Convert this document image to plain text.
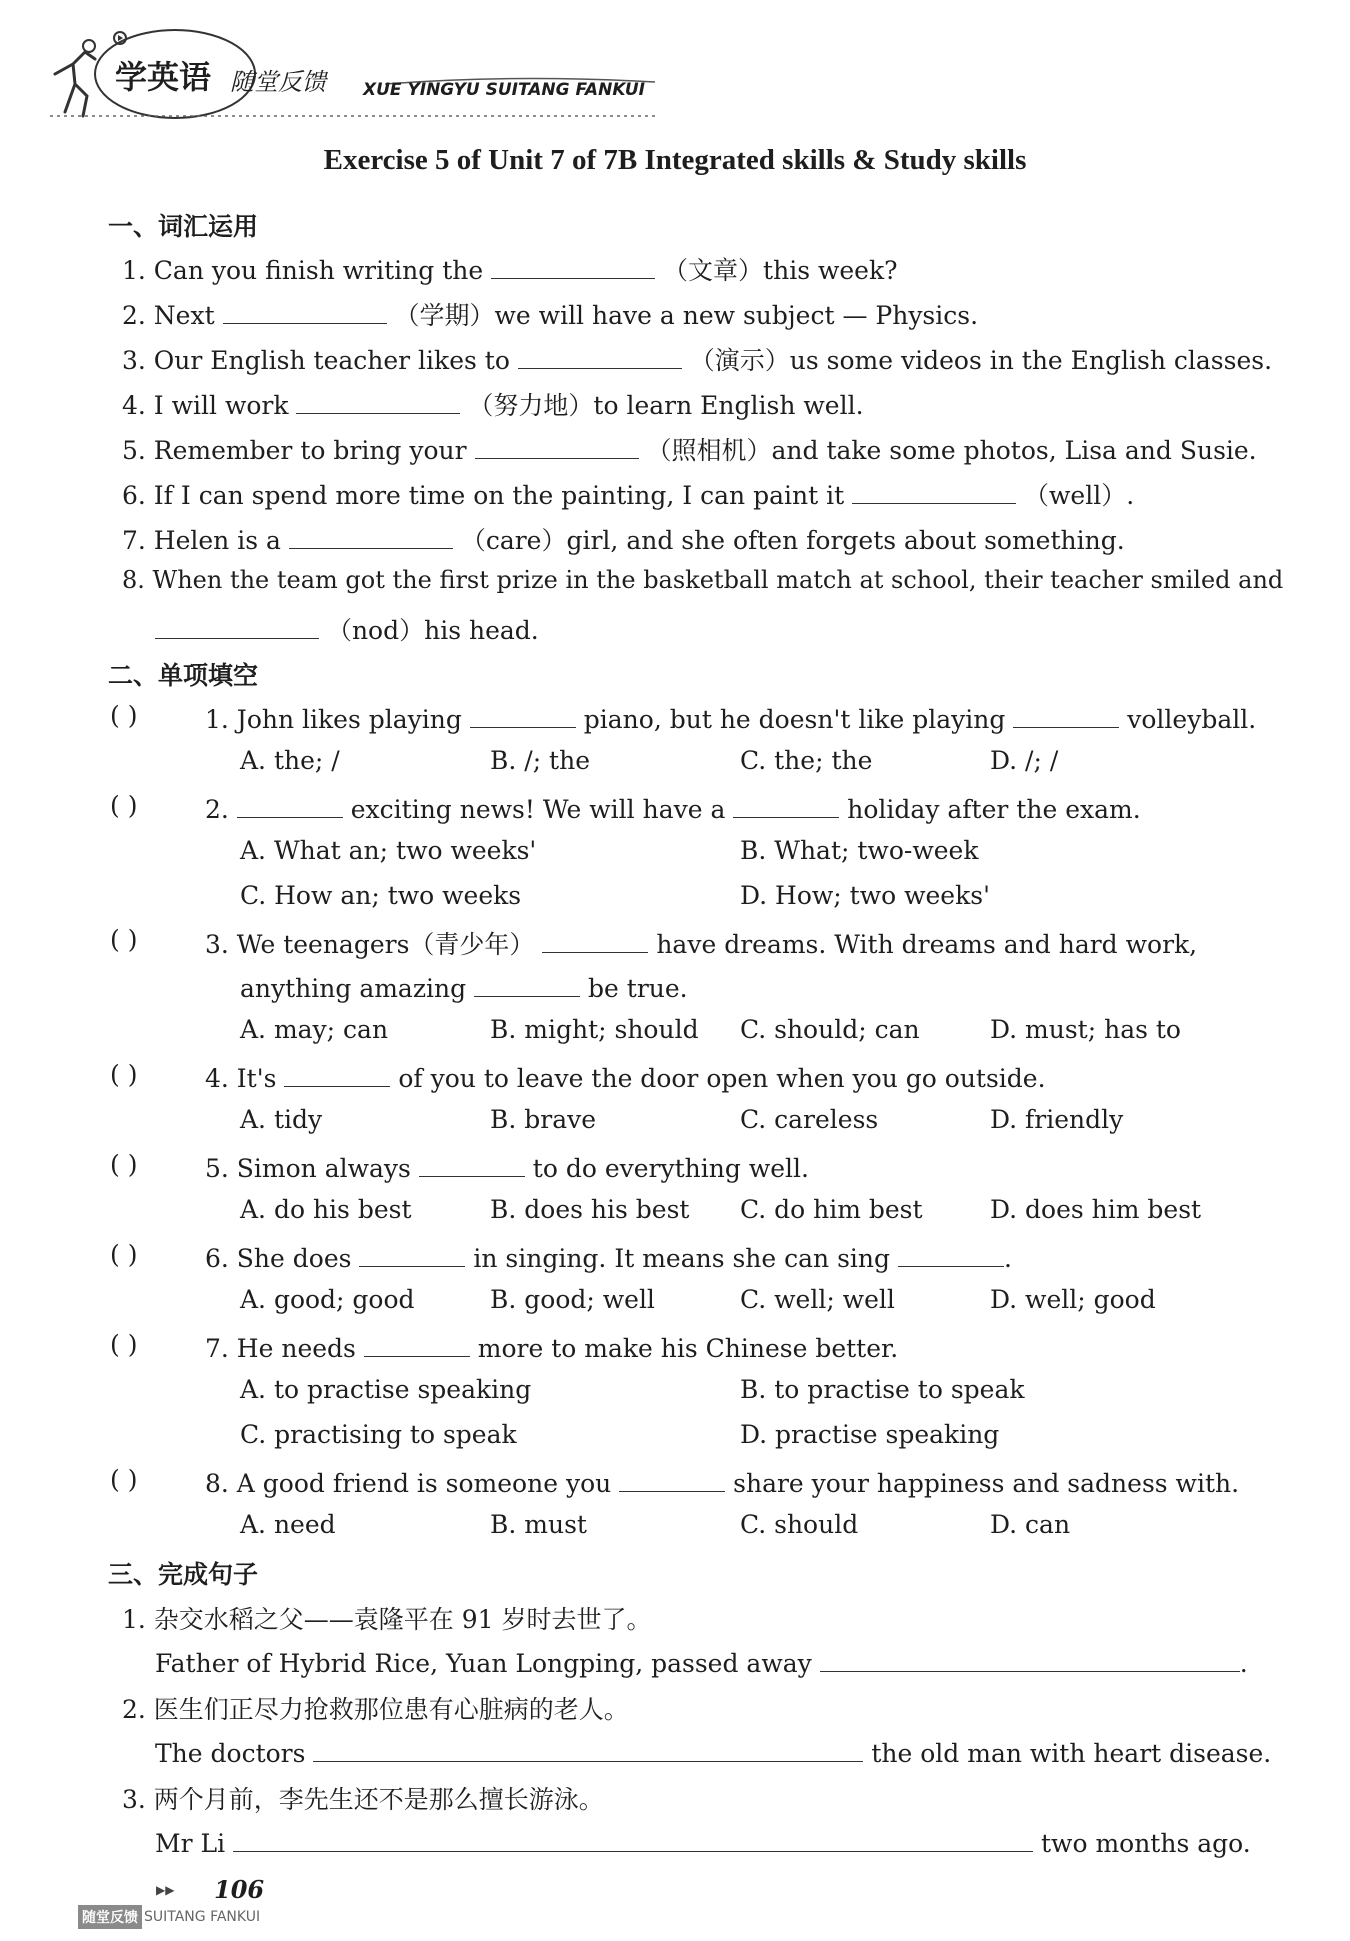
学英语 随堂反馈 XUE YINGYU SUITANG FANKUI
Exercise 5 of Unit 7 of 7B Integrated skills & Study skills
一、词汇运用
1. Can you finish writing the	（文章）this week?
2. Next	（学期）we will have a new subject — Physics.
3. Our English teacher likes to	（演示）us some videos in the English classes.
4. I will work	（努力地）to learn English well.
5. Remember to bring your	（照相机）and take some photos, Lisa and Susie.
6. If I can spend more time on the painting, I can paint it	（well）.
7. Helen is a	（care）girl, and she often forgets about something.
8. When the team got the first prize in the basketball match at school, their teacher smiled and
（nod）his head.
二、单项填空
( )	1. John likes playing	piano, but he doesn't like playing	volleyball.
A. the; /	B. /; the	C. the; the	D. /; /
( )	2.	exciting news! We will have a	holiday after the exam.
A. What an; two weeks'	B. What; two-week
C. How an; two weeks	D. How; two weeks'
( )	3. We teenagers（青少年）	have dreams. With dreams and hard work,
anything amazing	be true.
A. may; can	B. might; should C. should; can	D. must; has to
( )	4. It's	of you to leave the door open when you go outside.
A. tidy	B. brave	C. careless	D. friendly
( )	5. Simon always	to do everything well.
A. do his best	B. does his best C. do him best	D. does him best
( )	6. She does	in singing. It means she can sing	.
A. good; good	B. good; well	C. well; well	D. well; good
( )	7. He needs	more to make his Chinese better.
A. to practise speaking	B. to practise to speak
C. practising to speak	D. practise speaking
( )	8. A good friend is someone you	share your happiness and sadness with.
A. need	B. must	C. should	D. can
三、完成句子
1. 杂交水稻之父——袁隆平在 91 岁时去世了。
Father of Hybrid Rice, Yuan Longping, passed away	.
2. 医生们正尽力抢救那位患有心脏病的老人。
The doctors	the old man with heart disease.
3. 两个月前，李先生还不是那么擅长游泳。
Mr Li	two months ago.
▶▶ 106
随堂反馈 SUITANG FANKUI
